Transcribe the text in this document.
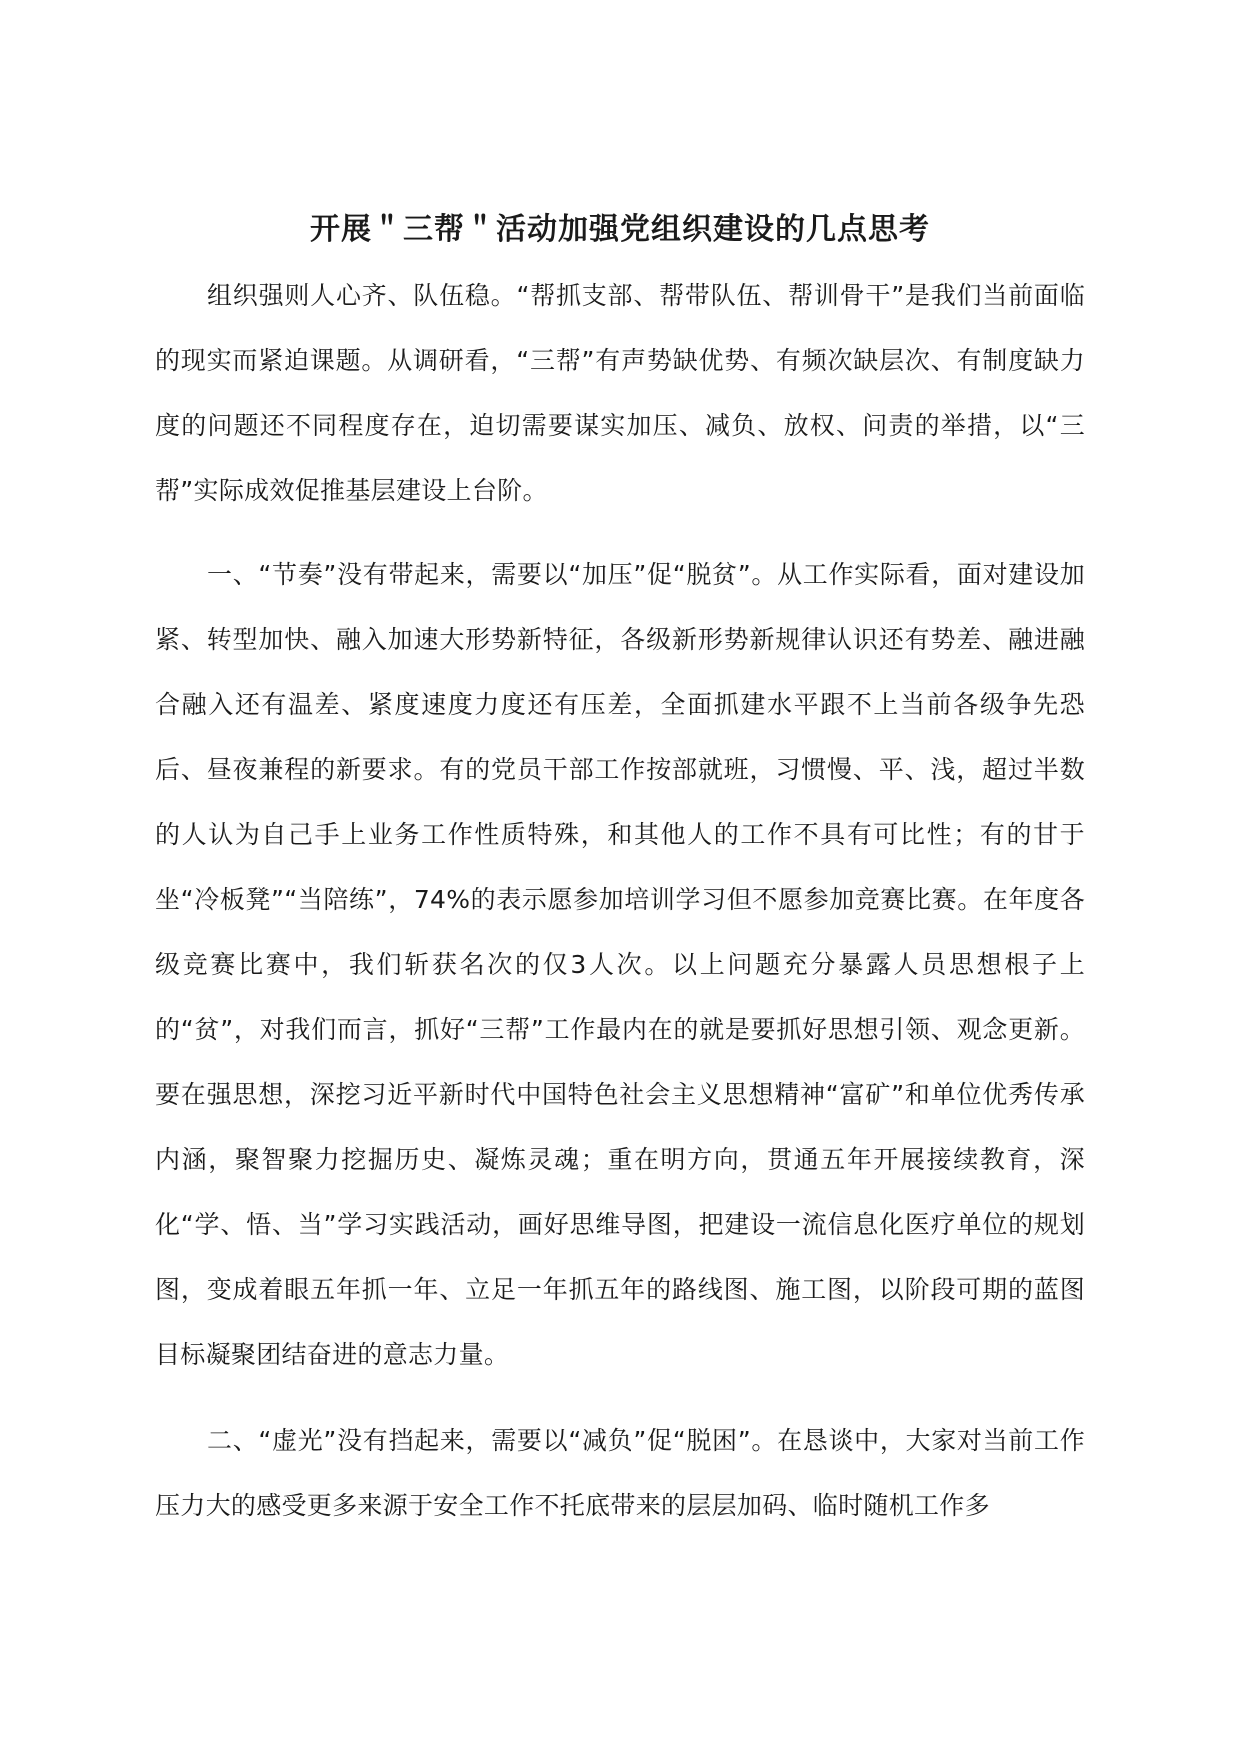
开展＂三帮＂活动加强党组织建设的几点思考

组织强则人心齐、队伍稳。“帮抓支部、帮带队伍、帮训骨干”是我们当前面临的现实而紧迫课题。从调研看，“三帮”有声势缺优势、有频次缺层次、有制度缺力度的问题还不同程度存在，迫切需要谋实加压、减负、放权、问责的举措，以“三帮”实际成效促推基层建设上台阶。

一、“节奏”没有带起来，需要以“加压”促“脱贫”。从工作实际看，面对建设加紧、转型加快、融入加速大形势新特征，各级新形势新规律认识还有势差、融进融合融入还有温差、紧度速度力度还有压差，全面抓建水平跟不上当前各级争先恐后、昼夜兼程的新要求。有的党员干部工作按部就班，习惯慢、平、浅，超过半数的人认为自己手上业务工作性质特殊，和其他人的工作不具有可比性；有的甘于坐“冷板凳”“当陪练”，74%的表示愿参加培训学习但不愿参加竞赛比赛。在年度各级竞赛比赛中，我们斩获名次的仅3人次。以上问题充分暴露人员思想根子上的“贫”，对我们而言，抓好“三帮”工作最内在的就是要抓好思想引领、观念更新。要在强思想，深挖习近平新时代中国特色社会主义思想精神“富矿”和单位优秀传承内涵，聚智聚力挖掘历史、凝炼灵魂；重在明方向，贯通五年开展接续教育，深化“学、悟、当”学习实践活动，画好思维导图，把建设一流信息化医疗单位的规划图，变成着眼五年抓一年、立足一年抓五年的路线图、施工图，以阶段可期的蓝图目标凝聚团结奋进的意志力量。

二、“虚光”没有挡起来，需要以“减负”促“脱困”。在恳谈中，大家对当前工作压力大的感受更多来源于安全工作不托底带来的层层加码、临时随机工作多
